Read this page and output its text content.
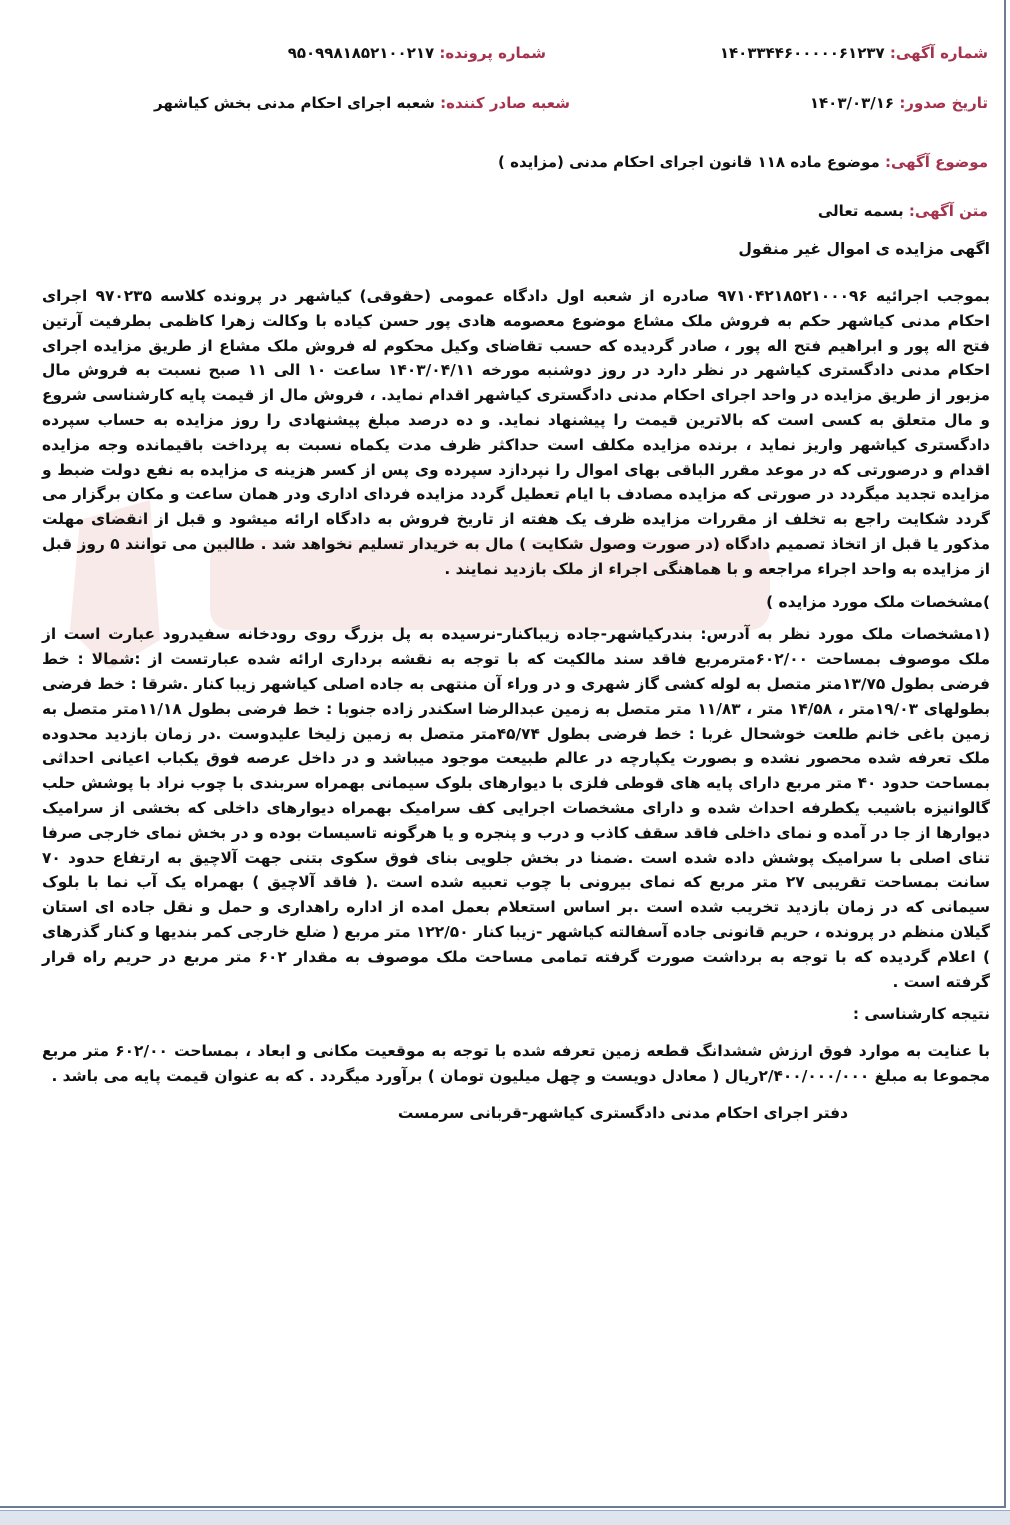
شماره آگهی: ۱۴۰۳۳۴۴۶۰۰۰۰۰۶۱۲۳۷
شماره پرونده: ۹۵۰۹۹۸۱۸۵۲۱۰۰۲۱۷
تاریخ صدور: ۱۴۰۳/۰۳/۱۶
شعبه صادر کننده: شعبه اجرای احکام مدنی بخش کیاشهر
موضوع آگهی: موضوع ماده ۱۱۸ قانون اجرای احکام مدنی (مزایده )
متن آگهی: بسمه تعالی
اگهی مزایده ی اموال غیر منقول

بموجب اجرائیه ۹۷۱۰۴۲۱۸۵۲۱۰۰۰۹۶ صادره از شعبه اول دادگاه عمومی (حقوقی) کیاشهر در پرونده کلاسه ۹۷۰۲۳۵ اجرای احکام مدنی کیاشهر حکم به فروش ملک مشاع موضوع معصومه هادی پور حسن کیاده با وکالت زهرا کاظمی بطرفیت آرتین فتح اله پور و ابراهیم فتح اله پور ، صادر گردیده که حسب تقاضای وکیل محکوم له فروش ملک مشاع از طریق مزایده اجرای احکام مدنی دادگستری کیاشهر در نظر دارد در روز دوشنبه مورخه ۱۴۰۳/۰۴/۱۱ ساعت ۱۰ الی ۱۱ صبح نسبت به فروش مال مزبور از طریق مزایده در واحد اجرای احکام مدنی دادگستری کیاشهر اقدام نماید. ، فروش مال از قیمت پایه کارشناسی شروع و مال متعلق به کسی است که بالاترین قیمت را پیشنهاد نماید. و ده درصد مبلغ پیشنهادی را روز مزایده به حساب سپرده دادگستری کیاشهر واریز نماید ، برنده مزایده مکلف است حداکثر ظرف مدت یکماه نسبت به پرداخت باقیمانده وجه مزایده اقدام و درصورتی که در موعد مقرر الباقی بهای اموال را نپردازد سپرده وی پس از کسر هزینه ی مزایده به نفع دولت ضبط و مزایده تجدید میگردد در صورتی که مزایده مصادف با ایام تعطیل گردد مزایده فردای اداری ودر همان ساعت و مکان برگزار می گردد شکایت راجع به تخلف از مقررات مزایده ظرف یک هفته از تاریخ فروش به دادگاه ارائه میشود و قبل از انقضای مهلت مذکور یا قبل از اتخاذ تصمیم دادگاه (در صورت وصول شکایت ) مال به خریدار تسلیم نخواهد شد . طالبین می توانند ۵ روز قبل از مزایده به واحد اجراء مراجعه و با هماهنگی اجراء از ملک بازدید نمایند .

)مشخصات ملک مورد مزایده )

(۱مشخصات ملک مورد نظر به آدرس: بندرکیاشهر-جاده زیباکنار-نرسیده به پل بزرگ روی رودخانه سفیدرود عبارت است از ملک موصوف بمساحت ۶۰۲/۰۰مترمربع فاقد سند مالکیت که با توجه به نقشه برداری ارائه شده عبارتست از :شمالا : خط فرضی بطول ۱۳/۷۵متر متصل به لوله کشی گاز شهری و در وراء آن منتهی به جاده اصلی کیاشهر زیبا کنار .شرقا : خط فرضی بطولهای ۱۹/۰۳متر ، ۱۴/۵۸ متر ، ۱۱/۸۳ متر متصل به زمین عبدالرضا اسکندر زاده جنوبا : خط فرضی بطول ۱۱/۱۸متر متصل به زمین باغی خانم طلعت خوشحال غربا : خط فرضی بطول ۴۵/۷۴متر متصل به زمین زلیخا علیدوست .در زمان بازدید محدوده ملک تعرفه شده محصور نشده و بصورت یکپارچه در عالم طبیعت موجود میباشد و در داخل عرصه فوق یکباب اعیانی احداثی بمساحت حدود ۴۰ متر مربع دارای پایه های قوطی فلزی با دیوارهای بلوک سیمانی بهمراه سربندی با چوب نراد با پوشش حلب گالوانیزه باشیب یکطرفه احداث شده و دارای مشخصات اجرایی کف سرامیک بهمراه دیوارهای داخلی که بخشی از سرامیک دیوارها از جا در آمده و نمای داخلی فاقد سقف کاذب و درب و پنجره و یا هرگونه تاسیسات بوده و در بخش نمای خارجی صرفا تنای اصلی با سرامیک پوشش داده شده است .ضمنا در بخش جلویی بنای فوق سکوی بتنی جهت آلاچیق به ارتفاع حدود ۷۰ سانت بمساحت تقریبی ۲۷ متر مربع که نمای بیرونی با چوب تعبیه شده است .( فاقد آلاچیق ) بهمراه یک آب نما با بلوک سیمانی که در زمان بازدید تخریب شده است .بر اساس استعلام بعمل امده از اداره راهداری و حمل و نقل جاده ای استان گیلان منظم در پرونده ، حریم قانونی جاده آسفالته کیاشهر -زیبا کنار ۱۲۲/۵۰ متر مربع ( ضلع خارجی کمر بندیها و کنار گذرهای ) اعلام گردیده که با توجه به برداشت صورت گرفته تمامی مساحت ملک موصوف به مقدار ۶۰۲ متر مربع در حریم راه قرار گرفته است .

نتیجه کارشناسی :

با عنایت به موارد فوق ارزش ششدانگ قطعه زمین تعرفه شده با توجه به موقعیت مکانی و ابعاد ، بمساحت ۶۰۲/۰۰ متر مربع مجموعا به مبلغ ۲/۴۰۰/۰۰۰/۰۰۰ریال ( معادل دویست و چهل میلیون تومان ) برآورد میگردد . که به عنوان قیمت پایه می باشد .

دفتر اجرای احکام مدنی دادگستری کیاشهر-قربانی سرمست
